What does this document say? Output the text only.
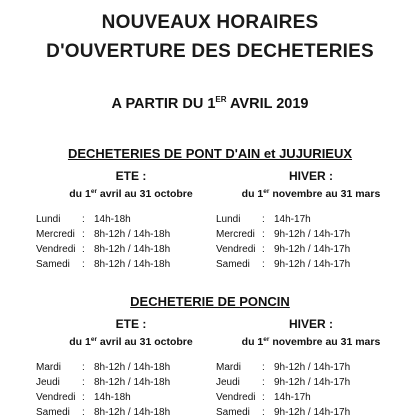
NOUVEAUX HORAIRES
D'OUVERTURE DES DECHETERIES
A PARTIR DU 1ER AVRIL 2019
DECHETERIES DE PONT D'AIN et JUJURIEUX
ETE :
du 1er avril au 31 octobre
Lundi	: 14h-18h
Mercredi : 8h-12h / 14h-18h
Vendredi : 8h-12h / 14h-18h
Samedi	: 8h-12h / 14h-18h
HIVER :
du 1er novembre au 31 mars
Lundi	: 14h-17h
Mercredi : 9h-12h / 14h-17h
Vendredi : 9h-12h / 14h-17h
Samedi	: 9h-12h / 14h-17h
DECHETERIE DE PONCIN
ETE :
du 1er avril au 31 octobre
Mardi	: 8h-12h / 14h-18h
Jeudi	: 8h-12h / 14h-18h
Vendredi : 14h-18h
Samedi	: 8h-12h / 14h-18h
HIVER :
du 1er novembre au 31 mars
Mardi	: 9h-12h / 14h-17h
Jeudi	: 9h-12h / 14h-17h
Vendredi : 14h-17h
Samedi	: 9h-12h / 14h-17h
